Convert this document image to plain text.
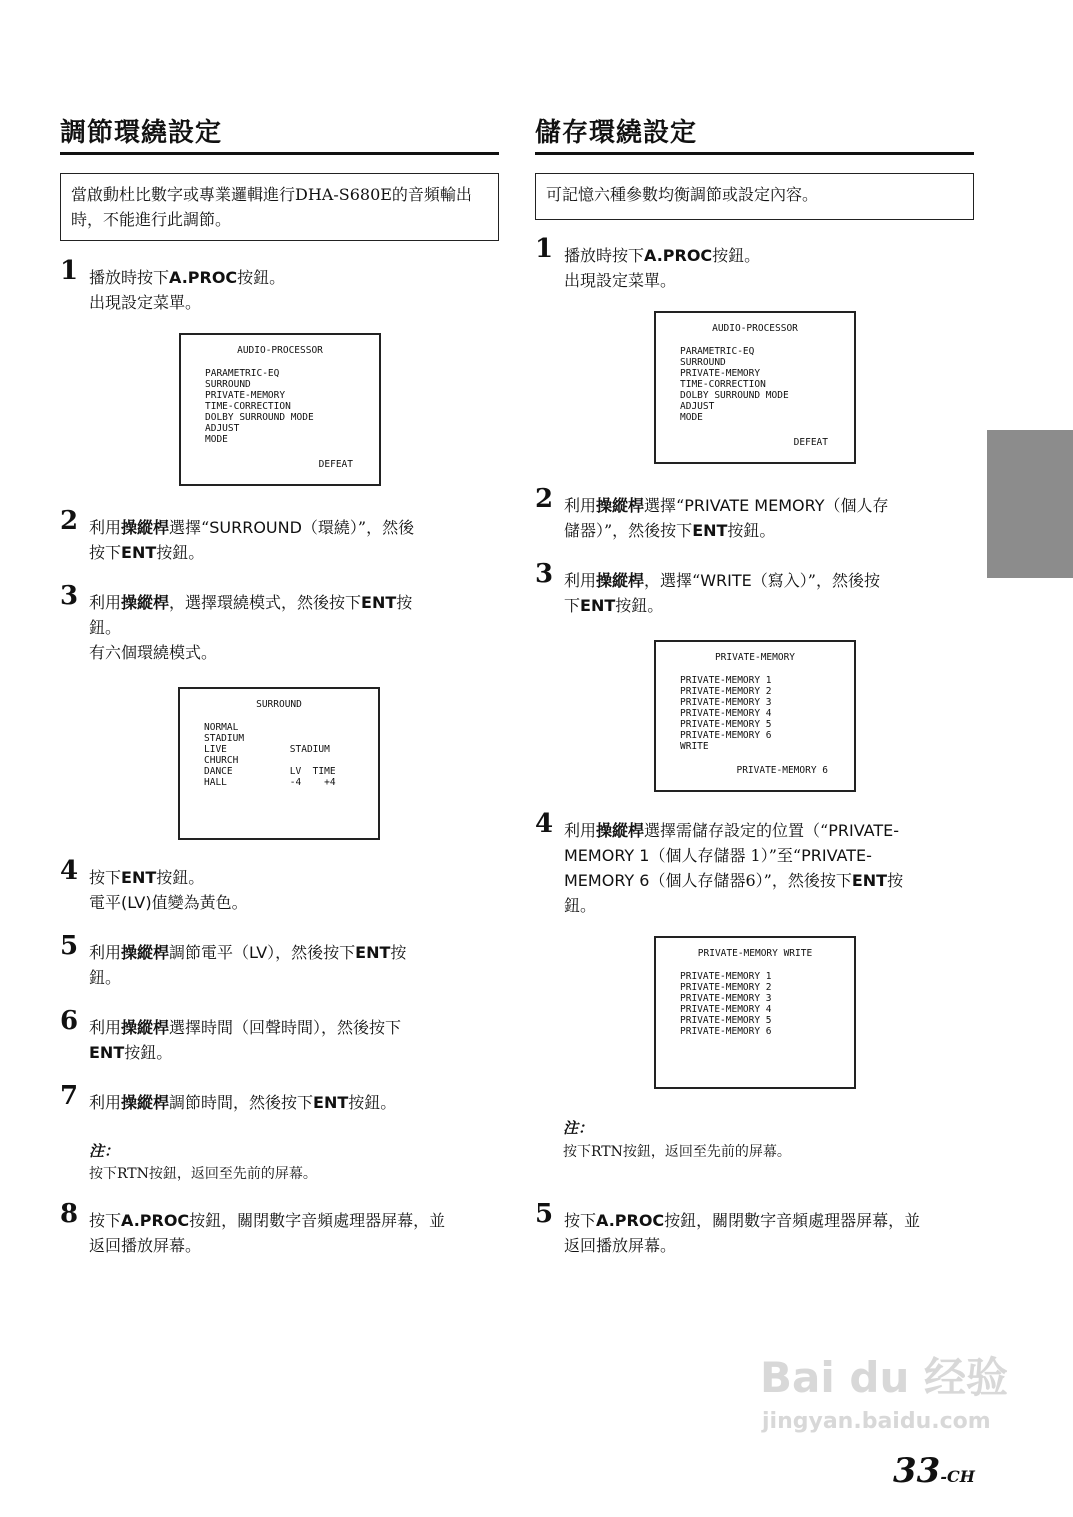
調節環繞設定
當啟動杜比數字或專業邏輯進行DHA-S680E的音頻輸出時，不能進行此調節。
1 播放時按下A.PROC按鈕。
出現設定菜單。
AUDIO-PROCESSOR
PARAMETRIC-EQ
SURROUND
PRIVATE-MEMORY
TIME-CORRECTION
DOLBY SURROUND MODE
ADJUST
MODE
DEFEAT
2 利用操縱桿選擇“SURROUND（環繞）”，然後
按下ENT按鈕。
3 利用操縱桿，選擇環繞模式，然後按下ENT按
鈕。
有六個環繞模式。
SURROUND
NORMAL
STADIUM
LIVE           STADIUM
CHURCH
DANCE          LV  TIME
HALL           -4    +4
4 按下ENT按鈕。
電平(LV)值變為黃色。
5 利用操縱桿調節電平（LV），然後按下ENT按
鈕。
6 利用操縱桿選擇時間（回聲時間），然後按下
ENT按鈕。
7 利用操縱桿調節時間，然後按下ENT按鈕。
注：
按下RTN按鈕，返回至先前的屏幕。
8 按下A.PROC按鈕，關閉數字音頻處理器屏幕，並
返回播放屏幕。
儲存環繞設定
可記憶六種參數均衡調節或設定內容。
1 播放時按下A.PROC按鈕。
出現設定菜單。
AUDIO-PROCESSOR
PARAMETRIC-EQ
SURROUND
PRIVATE-MEMORY
TIME-CORRECTION
DOLBY SURROUND MODE
ADJUST
MODE
DEFEAT
2 利用操縱桿選擇“PRIVATE MEMORY（個人存
儲器）”，然後按下ENT按鈕。
3 利用操縱桿，選擇“WRITE（寫入）”，然後按
下ENT按鈕。
PRIVATE-MEMORY
PRIVATE-MEMORY 1
PRIVATE-MEMORY 2
PRIVATE-MEMORY 3
PRIVATE-MEMORY 4
PRIVATE-MEMORY 5
PRIVATE-MEMORY 6
WRITE
PRIVATE-MEMORY 6
4 利用操縱桿選擇需儲存設定的位置（“PRIVATE-
MEMORY 1（個人存儲器 1）”至“PRIVATE-
MEMORY 6（個人存儲器6）”，然後按下ENT按
鈕。
PRIVATE-MEMORY WRITE
PRIVATE-MEMORY 1
PRIVATE-MEMORY 2
PRIVATE-MEMORY 3
PRIVATE-MEMORY 4
PRIVATE-MEMORY 5
PRIVATE-MEMORY 6
注：
按下RTN按鈕，返回至先前的屏幕。
5 按下A.PROC按鈕，關閉數字音頻處理器屏幕，並
返回播放屏幕。
Bai du 经验
jingyan.baidu.com
33-CH
